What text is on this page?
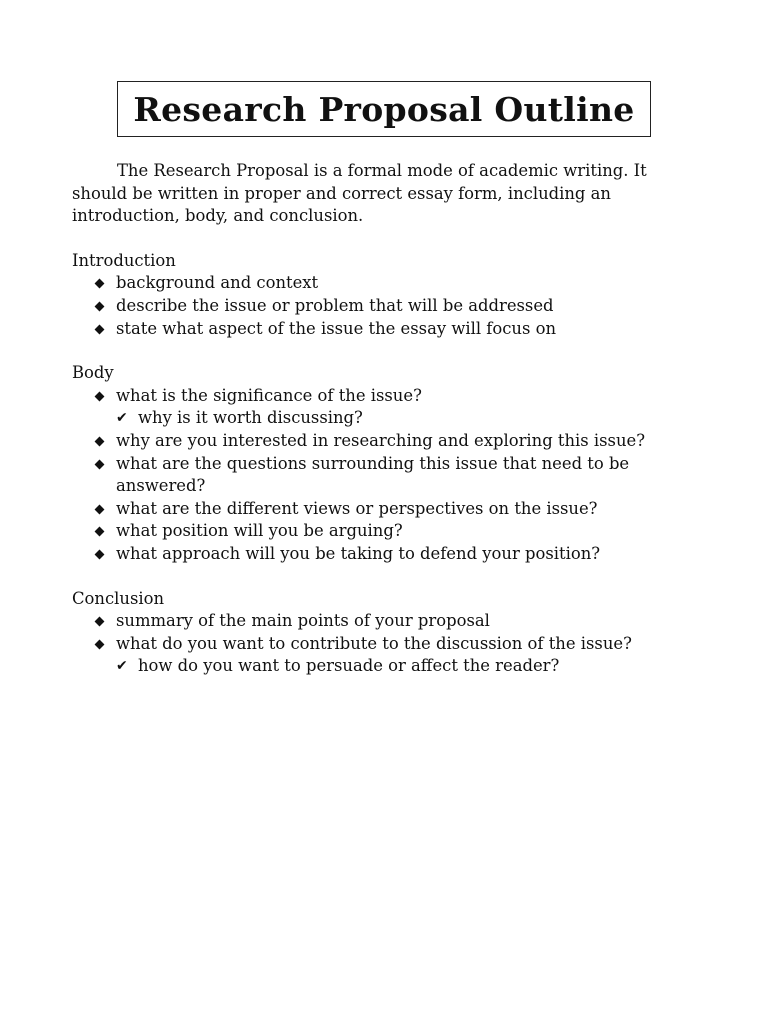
Research Proposal Outline

The Research Proposal is a formal mode of academic writing. It should be written in proper and correct essay form, including an introduction, body, and conclusion.

Introduction

background and context
describe the issue or problem that will be addressed
state what aspect of the issue the essay will focus on

Body

what is the significance of the issue?
✔ why is it worth discussing?
why are you interested in researching and exploring this issue?
what are the questions surrounding this issue that need to be answered?
what are the different views or perspectives on the issue?
what position will you be arguing?
what approach will you be taking to defend your position?

Conclusion

summary of the main points of your proposal
what do you want to contribute to the discussion of the issue?
✔ how do you want to persuade or affect the reader?
